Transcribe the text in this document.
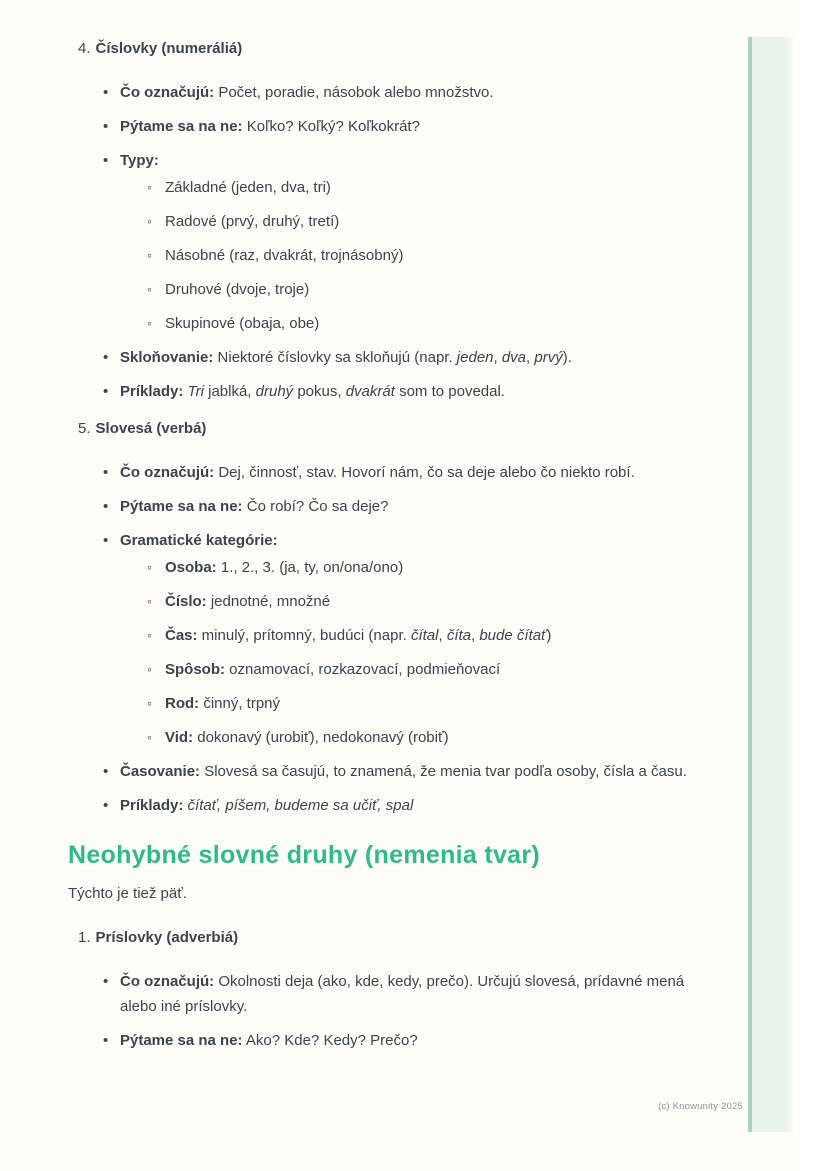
4. Číslovky (numeráliá)
• Čo označujú: Počet, poradie, násobok alebo množstvo.
• Pýtame sa na ne: Koľko? Koľký? Koľkokrát?
• Typy:
◦ Základné (jeden, dva, tri)
◦ Radové (prvý, druhý, tretí)
◦ Násobné (raz, dvakrát, trojnásobný)
◦ Druhové (dvoje, troje)
◦ Skupinové (obaja, obe)
• Skloňovanie: Niektoré číslovky sa skloňujú (napr. jeden, dva, prvý).
• Príklady: Tri jablká, druhý pokus, dvakrát som to povedal.
5. Slovesá (verbá)
• Čo označujú: Dej, činnosť, stav. Hovorí nám, čo sa deje alebo čo niekto robí.
• Pýtame sa na ne: Čo robí? Čo sa deje?
• Gramatické kategórie:
◦ Osoba: 1., 2., 3. (ja, ty, on/ona/ono)
◦ Číslo: jednotné, množné
◦ Čas: minulý, prítomný, budúci (napr. čítal, číta, bude čítať)
◦ Spôsob: oznamovací, rozkazovací, podmieňovací
◦ Rod: činný, trpný
◦ Vid: dokonavý (urobiť), nedokonavý (robiť)
• Časovanie: Slovesá sa časujú, to znamená, že menia tvar podľa osoby, čísla a času.
• Príklady: čítať, píšem, budeme sa učiť, spal
Neohybné slovné druhy (nemenia tvar)

Týchto je tiež päť.

1. Príslovky (adverbiá)
• Čo označujú: Okolnosti deja (ako, kde, kedy, prečo). Určujú slovesá, prídavné mená alebo iné príslovky.
• Pýtame sa na ne: Ako? Kde? Kedy? Prečo?
(c) Knowunity 2025
